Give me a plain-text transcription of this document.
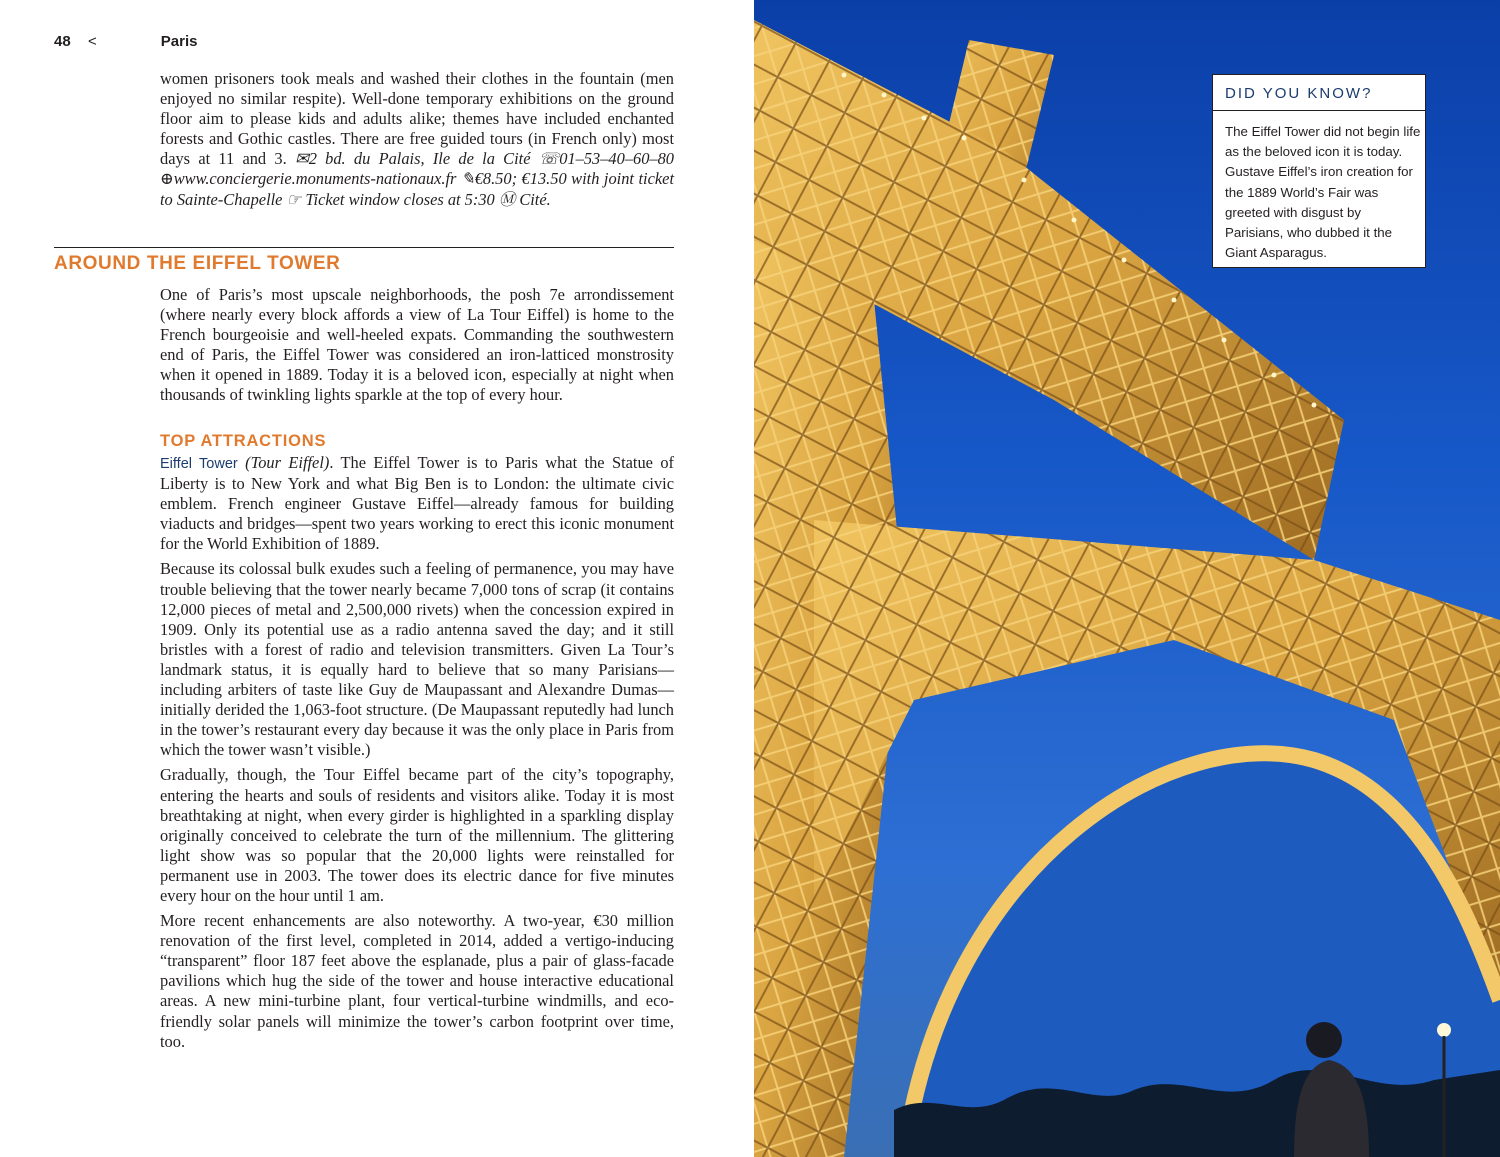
48 <	Paris

women prisoners took meals and washed their clothes in the fountain (men enjoyed no similar respite). Well-done temporary exhibitions on the ground floor aim to please kids and adults alike; themes have included enchanted forests and Gothic castles. There are free guided tours (in French only) most days at 11 and 3. ✉2 bd. du Palais, Ile de la Cité ☏01–53–40–60–80 ⊕www.conciergerie.monuments-nationaux.fr ✎€8.50; €13.50 with joint ticket to Sainte-Chapelle ☞ Ticket window closes at 5:30 Ⓜ Cité.

AROUND THE EIFFEL TOWER

One of Paris’s most upscale neighborhoods, the posh 7e arrondissement (where nearly every block affords a view of La Tour Eiffel) is home to the French bourgeoisie and well-heeled expats. Commanding the southwestern end of Paris, the Eiffel Tower was considered an iron-latticed monstrosity when it opened in 1889. Today it is a beloved icon, especially at night when thousands of twinkling lights sparkle at the top of every hour.

TOP ATTRACTIONS

Eiffel Tower (Tour Eiffel). The Eiffel Tower is to Paris what the Statue of Liberty is to New York and what Big Ben is to London: the ultimate civic emblem. French engineer Gustave Eiffel—already famous for building viaducts and bridges—spent two years working to erect this iconic monument for the World Exhibition of 1889.

Because its colossal bulk exudes such a feeling of permanence, you may have trouble believing that the tower nearly became 7,000 tons of scrap (it contains 12,000 pieces of metal and 2,500,000 rivets) when the concession expired in 1909. Only its potential use as a radio antenna saved the day; and it still bristles with a forest of radio and television transmitters. Given La Tour’s landmark status, it is equally hard to believe that so many Parisians—including arbiters of taste like Guy de Maupassant and Alexandre Dumas—initially derided the 1,063-foot structure. (De Maupassant reputedly had lunch in the tower’s restaurant every day because it was the only place in Paris from which the tower wasn’t visible.)

Gradually, though, the Tour Eiffel became part of the city’s topography, entering the hearts and souls of residents and visitors alike. Today it is most breathtaking at night, when every girder is highlighted in a sparkling display originally conceived to celebrate the turn of the millennium. The glittering light show was so popular that the 20,000 lights were reinstalled for permanent use in 2003. The tower does its electric dance for five minutes every hour on the hour until 1 am.

More recent enhancements are also noteworthy. A two-year, €30 million renovation of the first level, completed in 2014, added a vertigo-inducing “transparent” floor 187 feet above the esplanade, plus a pair of glass-facade pavilions which hug the side of the tower and house interactive educational areas. A new mini-turbine plant, four vertical-turbine windmills, and eco-friendly solar panels will minimize the tower’s carbon footprint over time, too.

DID YOU KNOW?
The Eiffel Tower did not begin life as the beloved icon it is today. Gustave Eiffel’s iron creation for the 1889 World’s Fair was greeted with disgust by Parisians, who dubbed it the Giant Asparagus.
